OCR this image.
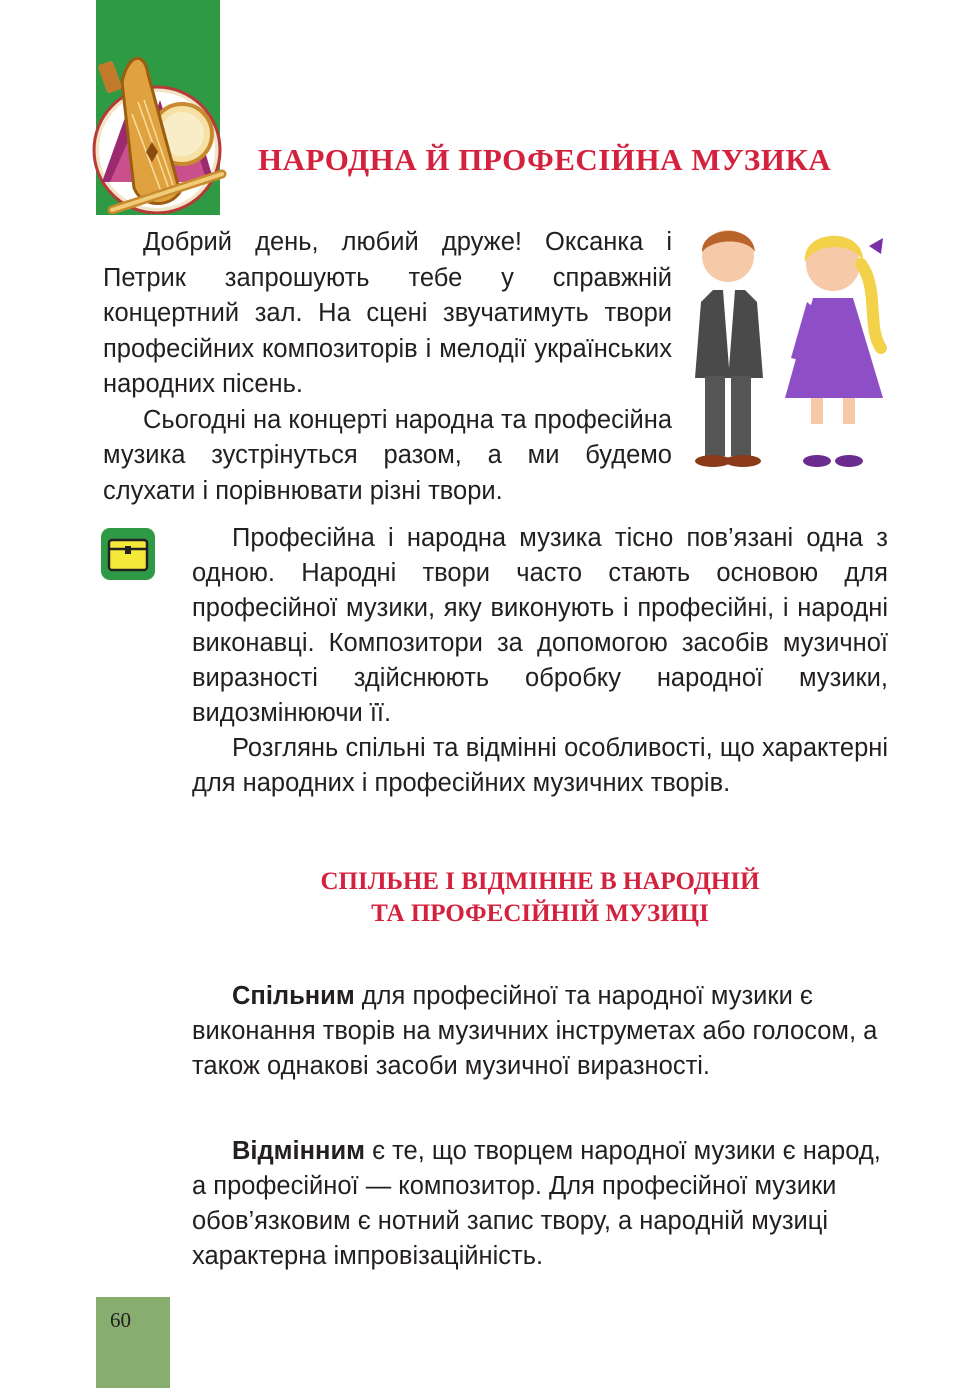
НАРОДНА Й ПРОФЕСІЙНА МУЗИКА

Добрий день, любий друже! Оксанка і Петрик запрошують тебе у справжній концертний зал. На сцені звучатимуть твори професійних композиторів і мелодії українських народних пісень.

Сьогодні на концерті народна та професійна музика зустрінуться разом, а ми будемо слухати і порівнювати різні твори.

Професійна і народна музика тісно пов’язані одна з одною. Народні твори часто стають основою для професійної музики, яку виконують і професійні, і народні виконавці. Композитори за допомогою засобів музичної виразності здійснюють обробку народної музики, видозмінюючи її.

Розглянь спільні та відмінні особливості, що характерні для народних і професійних музичних творів.

СПІЛЬНЕ І ВІДМІННЕ В НАРОДНІЙ
ТА ПРОФЕСІЙНІЙ МУЗИЦІ

Спільним для професійної та народної музики є виконання творів на музичних інструметах або голосом, а також однакові засоби музичної виразності.

Відмінним є те, що творцем народної музики є народ, а професійної — композитор. Для професійної музики обов’язковим є нотний запис твору, а народній музиці характерна імпровізаційність.

60
